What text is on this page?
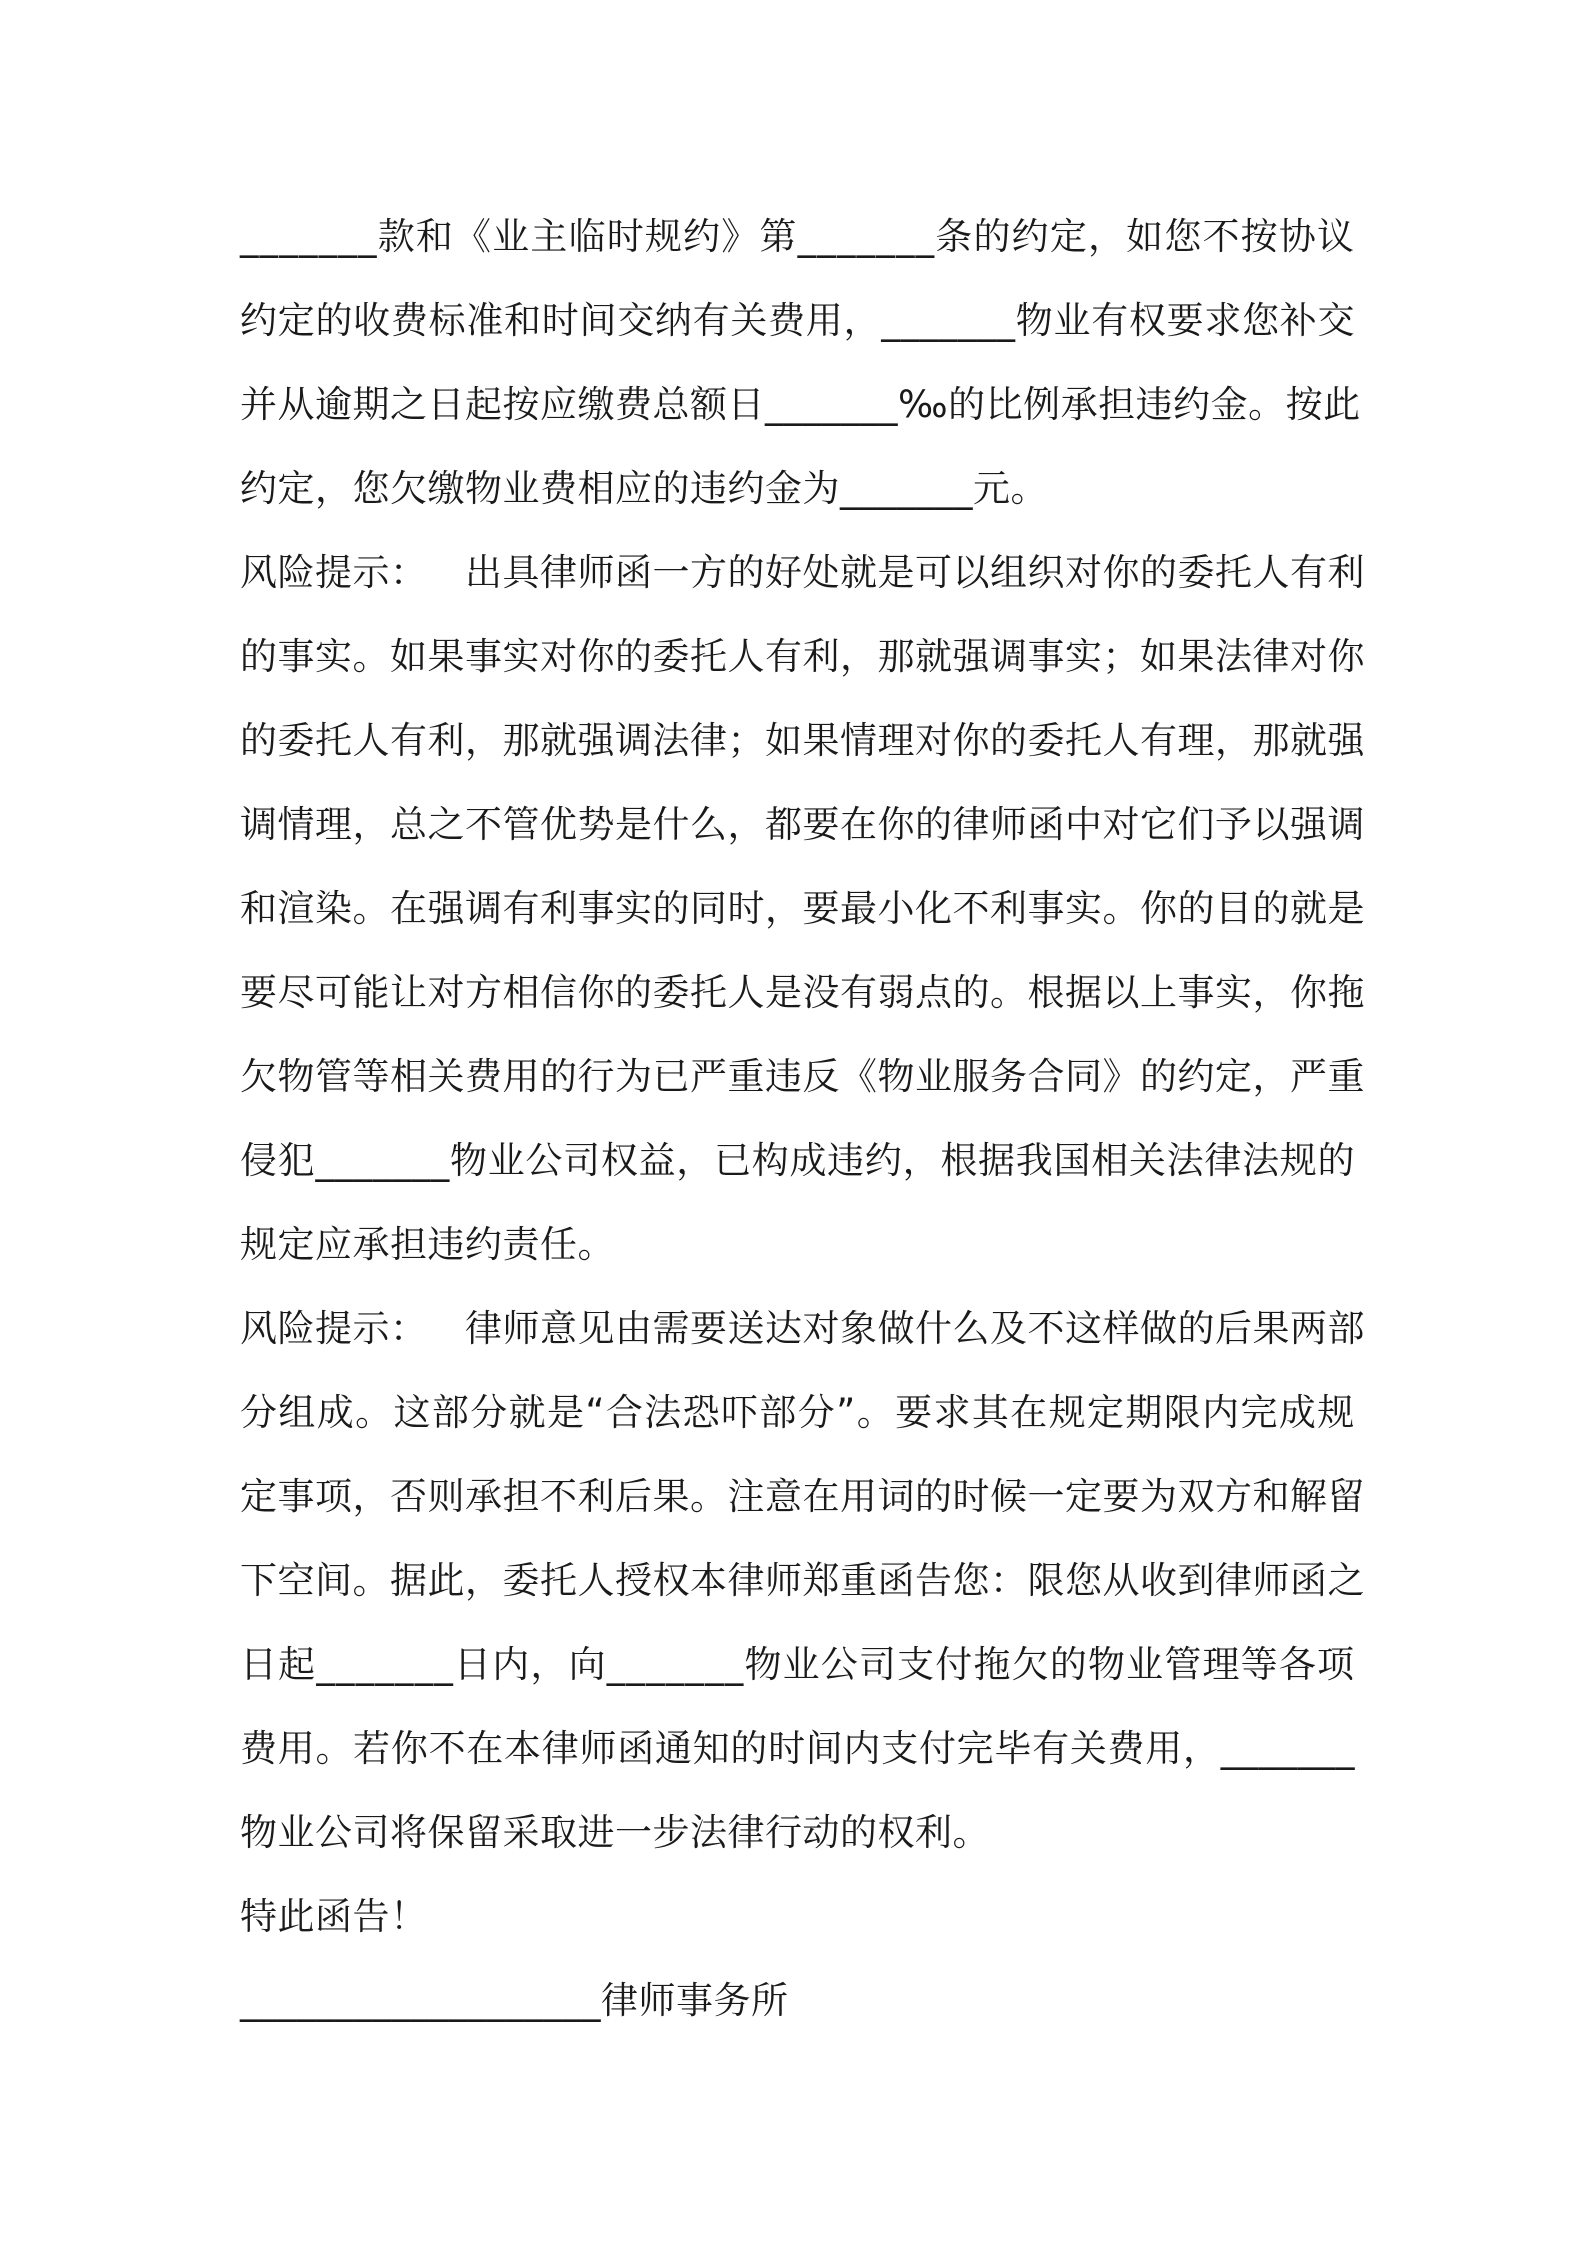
_ _ _ _ _ _ _ 款 和 《 业 主 临 时 规 约 》 第 _ _ _ _ _ _ _ 条 的 约 定 ， 如 您 不 按 协 议
约 定 的 收 费 标 准 和 时 间 交 纳 有 关 费 用 ， _ _ _ _ _ _ _ 物 业 有 权 要 求 您 补 交
并 从 逾 期 之 日 起 按 应 缴 费 总 额 日 _ _ _ _ _ _ _ ‰ 的 比 例 承 担 违 约 金 。 按 此
约定，您欠缴物业费相应的违约金为_______元。
风 险 提 示 ：
　 出 具 律 师 函 一 方 的 好 处 就 是 可 以 组 织 对 你 的 委 托 人 有 利
的 事 实 。 如 果 事 实 对 你 的 委 托 人 有 利 ， 那 就 强 调 事 实 ； 如 果 法 律 对 你
的 委 托 人 有 利 ， 那 就 强 调 法 律 ； 如 果 情 理 对 你 的 委 托 人 有 理 ， 那 就 强
调 情 理 ， 总 之 不 管 优 势 是 什 么 ， 都 要 在 你 的 律 师 函 中 对 它 们 予 以 强 调
和 渲 染 。 在 强 调 有 利 事 实 的 同 时 ， 要 最 小 化 不 利 事 实 。 你 的 目 的 就 是
要 尽 可 能 让 对 方 相 信 你 的 委 托 人 是 没 有 弱 点 的 。 根 据 以 上 事 实 ， 你 拖
欠 物 管 等 相 关 费 用 的 行 为 已 严 重 违 反 《 物 业 服 务 合 同 》 的 约 定 ， 严 重
侵 犯 _ _ _ _ _ _ _ 物 业 公 司 权 益 ， 已 构 成 违 约 ， 根 据 我 国 相 关 法 律 法 规 的
规定应承担违约责任。
风 险 提 示 ：
　 律 师 意 见 由 需 要 送 达 对 象 做 什 么 及 不 这 样 做 的 后 果 两 部
分 组 成 。 这 部 分 就 是 “ 合 法 恐 吓 部 分 ” 。 要 求 其 在 规 定 期 限 内 完 成 规
定 事 项 ， 否 则 承 担 不 利 后 果 。 注 意 在 用 词 的 时 候 一 定 要 为 双 方 和 解 留
下 空 间 。 据 此 ， 委 托 人 授 权 本 律 师 郑 重 函 告 您 ： 限 您 从 收 到 律 师 函 之
日 起 _ _ _ _ _ _ _ 日 内 ， 向 _ _ _ _ _ _ _ 物 业 公 司 支 付 拖 欠 的 物 业 管 理 等 各 项
费 用 。 若 你 不 在 本 律 师 函 通 知 的 时 间 内 支 付 完 毕 有 关 费 用 ， _ _ _ _ _ _ _
物业公司将保留采取进一步法律行动的权利。
特此函告！
___________________律师事务所
